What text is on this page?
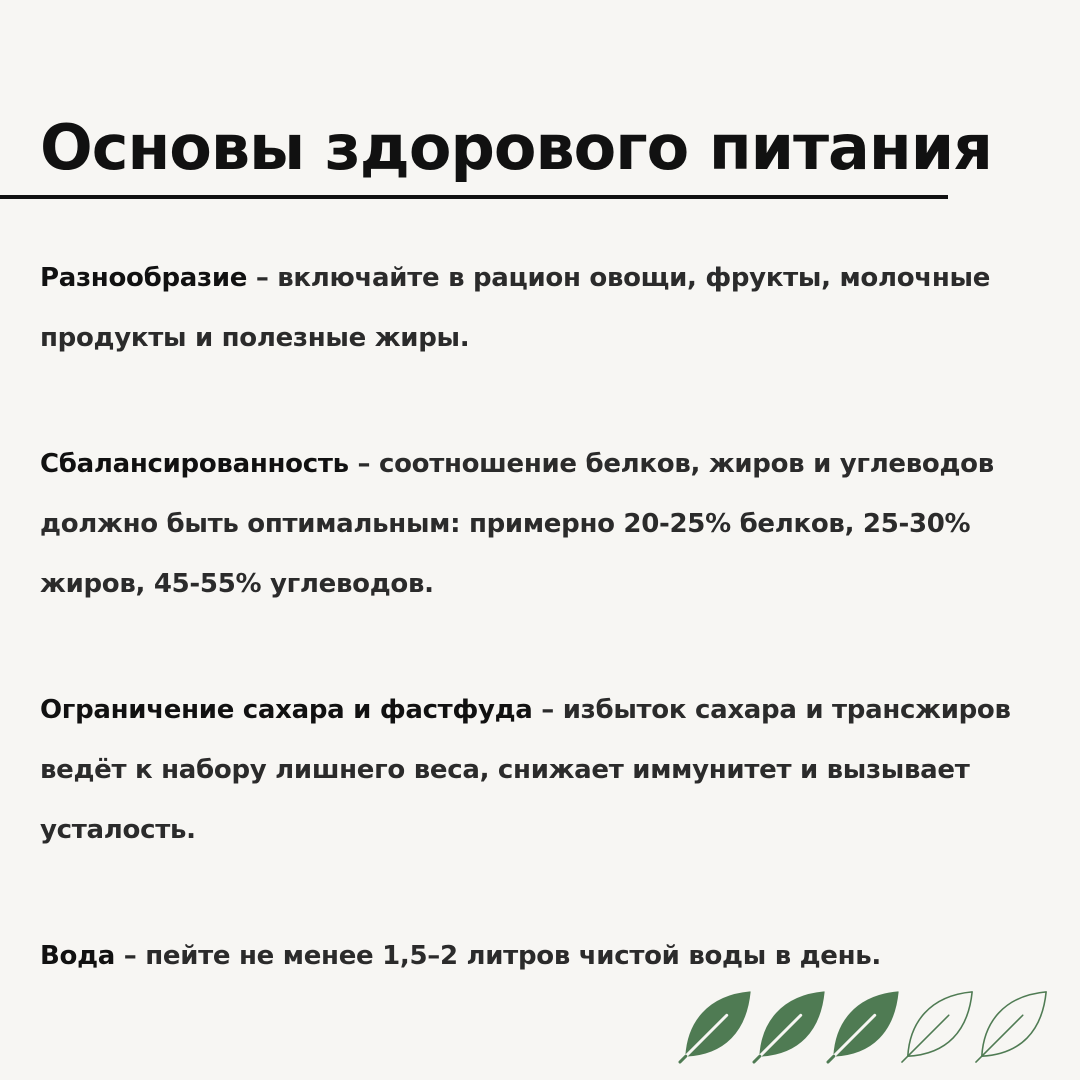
Основы здорового питания
Разнообразие – включайте в рацион овощи, фрукты, молочные продукты и полезные жиры.
Сбалансированность – соотношение белков, жиров и углеводов должно быть оптимальным: примерно 20-25% белков, 25-30% жиров, 45-55% углеводов.
Ограничение сахара и фастфуда – избыток сахара и трансжиров ведёт к набору лишнего веса, снижает иммунитет и вызывает усталость.
Вода – пейте не менее 1,5–2 литров чистой воды в день.
